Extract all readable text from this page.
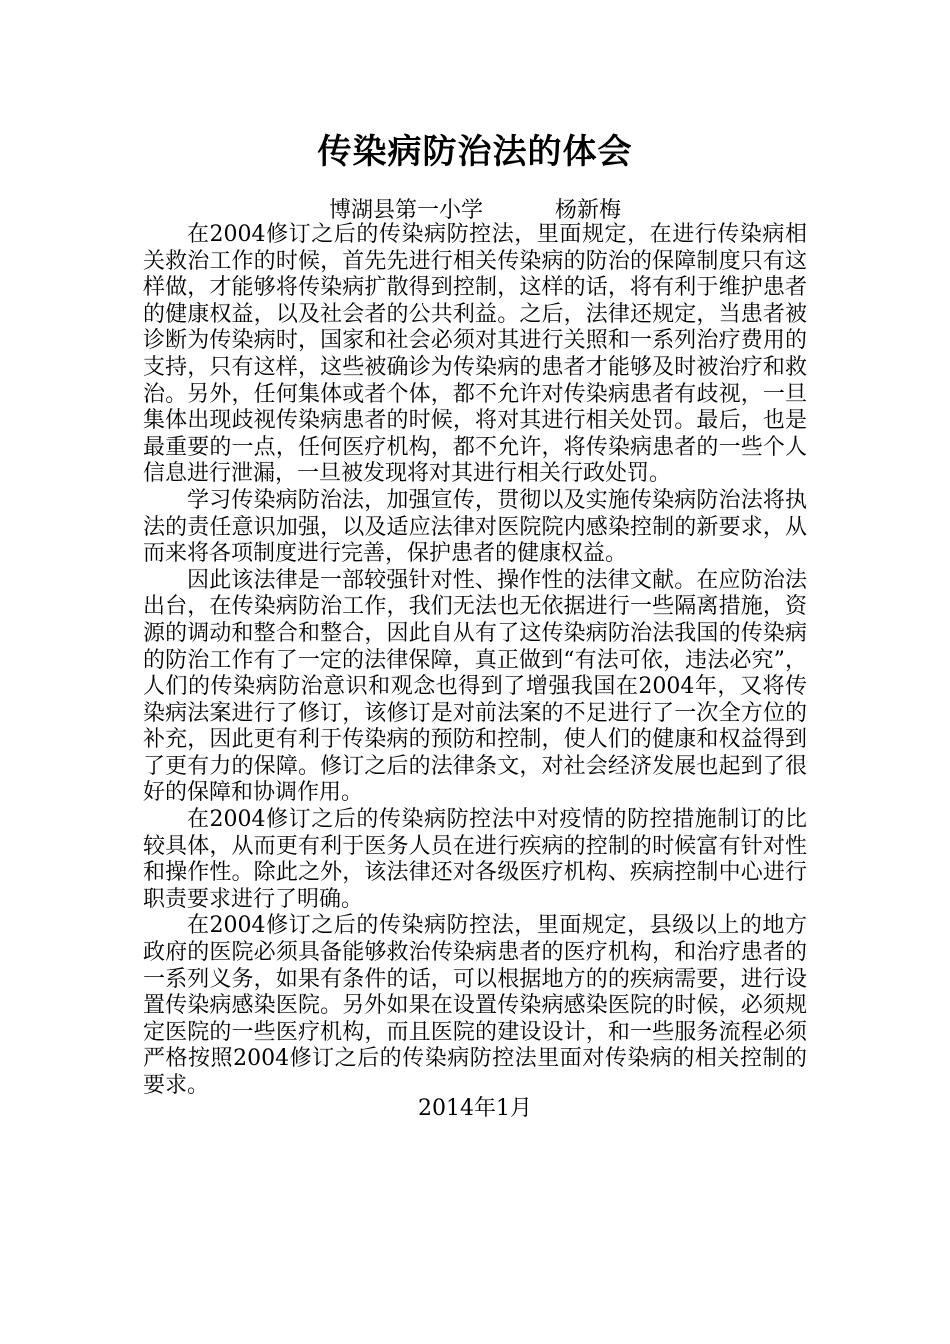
传染病防治法的体会
博湖县第一小学	杨新梅

在2004修订之后的传染病防控法，里面规定，在进行传染病相关救治工作的时候，首先先进行相关传染病的防治的保障制度只有这样做，才能够将传染病扩散得到控制，这样的话，将有利于维护患者的健康权益，以及社会者的公共利益。之后，法律还规定，当患者被诊断为传染病时，国家和社会必须对其进行关照和一系列治疗费用的支持，只有这样，这些被确诊为传染病的患者才能够及时被治疗和救治。另外，任何集体或者个体，都不允许对传染病患者有歧视，一旦集体出现歧视传染病患者的时候，将对其进行相关处罚。最后，也是最重要的一点，任何医疗机构，都不允许，将传染病患者的一些个人信息进行泄漏，一旦被发现将对其进行相关行政处罚。

学习传染病防治法，加强宣传，贯彻以及实施传染病防治法将执法的责任意识加强，以及适应法律对医院院内感染控制的新要求，从而来将各项制度进行完善，保护患者的健康权益。

因此该法律是一部较强针对性、操作性的法律文献。在应防治法出台，在传染病防治工作，我们无法也无依据进行一些隔离措施，资源的调动和整合和整合，因此自从有了这传染病防治法我国的传染病的防治工作有了一定的法律保障，真正做到“有法可依，违法必究”，人们的传染病防治意识和观念也得到了增强我国在2004年，又将传染病法案进行了修订，该修订是对前法案的不足进行了一次全方位的补充，因此更有利于传染病的预防和控制，使人们的健康和权益得到了更有力的保障。修订之后的法律条文，对社会经济发展也起到了很好的保障和协调作用。

在2004修订之后的传染病防控法中对疫情的防控措施制订的比较具体，从而更有利于医务人员在进行疾病的控制的时候富有针对性和操作性。除此之外，该法律还对各级医疗机构、疾病控制中心进行职责要求进行了明确。

在2004修订之后的传染病防控法，里面规定，县级以上的地方政府的医院必须具备能够救治传染病患者的医疗机构，和治疗患者的一系列义务，如果有条件的话，可以根据地方的的疾病需要，进行设置传染病感染医院。另外如果在设置传染病感染医院的时候，必须规定医院的一些医疗机构，而且医院的建设设计，和一些服务流程必须严格按照2004修订之后的传染病防控法里面对传染病的相关控制的要求。

2014年1月
